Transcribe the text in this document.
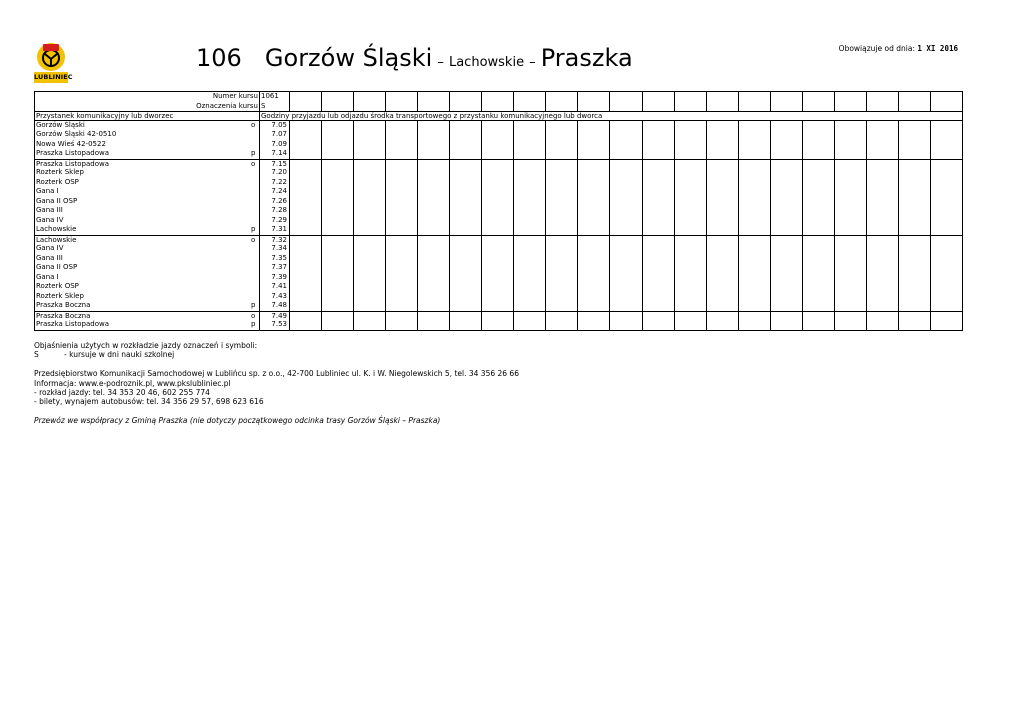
LUBLINIEC
106 Gorzów Śląski – Lachowskie – Praszka	Obowiązuje od dnia: 1 XI 2016
Numer kursu 1061
Oznaczenia kursu S
Przystanek komunikacyjny lub dworzec	Godziny przyjazdu lub odjazdu środka transportowego z przystanku komunikacyjnego lub dworca
Gorzów Śląski	o	7.05
Gorzów Śląski 42-0510	7.07
Nowa Wieś 42-0522	7.09
Praszka Listopadowa	p	7.14
Praszka Listopadowa	o	7.15
Rozterk Sklep	7.20
Rozterk OSP	7.22
Gana I	7.24
Gana II OSP	7.26
Gana III	7.28
Gana IV	7.29
Lachowskie	p	7.31
Lachowskie	o	7.32
Gana IV	7.34
Gana III	7.35
Gana II OSP	7.37
Gana I	7.39
Rozterk OSP	7.41
Rozterk Sklep	7.43
Praszka Boczna	p	7.48
Praszka Boczna	o	7.49
Praszka Listopadowa	p	7.53

Objaśnienia użytych w rozkładzie jazdy oznaczeń i symboli:

S	- kursuje w dni nauki szkolnej

Przedsiębiorstwo Komunikacji Samochodowej w Lublińcu sp. z o.o., 42-700 Lubliniec ul. K. i W. Niegolewskich 5, tel. 34 356 26 66

Informacja: www.e-podroznik.pl, www.pkslubliniec.pl

- rozkład jazdy: tel. 34 353 20 46, 602 255 774

- bilety, wynajem autobusów: tel. 34 356 29 57, 698 623 616

Przewóz we współpracy z Gminą Praszka (nie dotyczy początkowego odcinka trasy Gorzów Śląski – Praszka)
